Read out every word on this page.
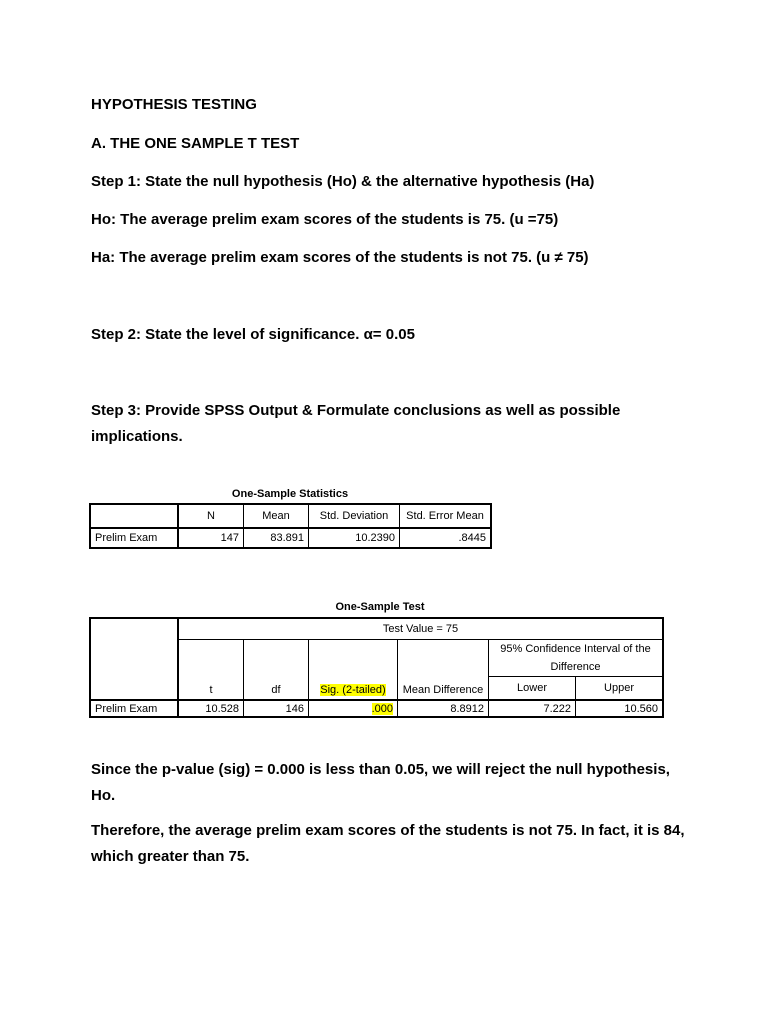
HYPOTHESIS TESTING

A. THE ONE SAMPLE T TEST

Step 1: State the null hypothesis (Ho) & the alternative hypothesis (Ha)

Ho: The average prelim exam scores of the students is 75. (u =75)

Ha: The average prelim exam scores of the students is not 75. (u ≠ 75)

Step 2: State the level of significance. α= 0.05

Step 3: Provide SPSS Output & Formulate conclusions as well as possible implications.

One-Sample Statistics
	N	Mean	Std. Deviation	Std. Error Mean
Prelim Exam	147	83.891	10.2390	.8445
One-Sample Test
	Test Value = 75					
	t	df	Sig. (2-tailed)	Mean Difference	95% Confidence Interval of the	
					Difference	
					Lower	Upper
Prelim Exam	10.528	146	.000	8.8912	7.222	10.560

Since the p-value (sig) = 0.000 is less than 0.05, we will reject the null hypothesis, Ho.

Therefore, the average prelim exam scores of the students is not 75. In fact, it is 84, which greater than 75.
